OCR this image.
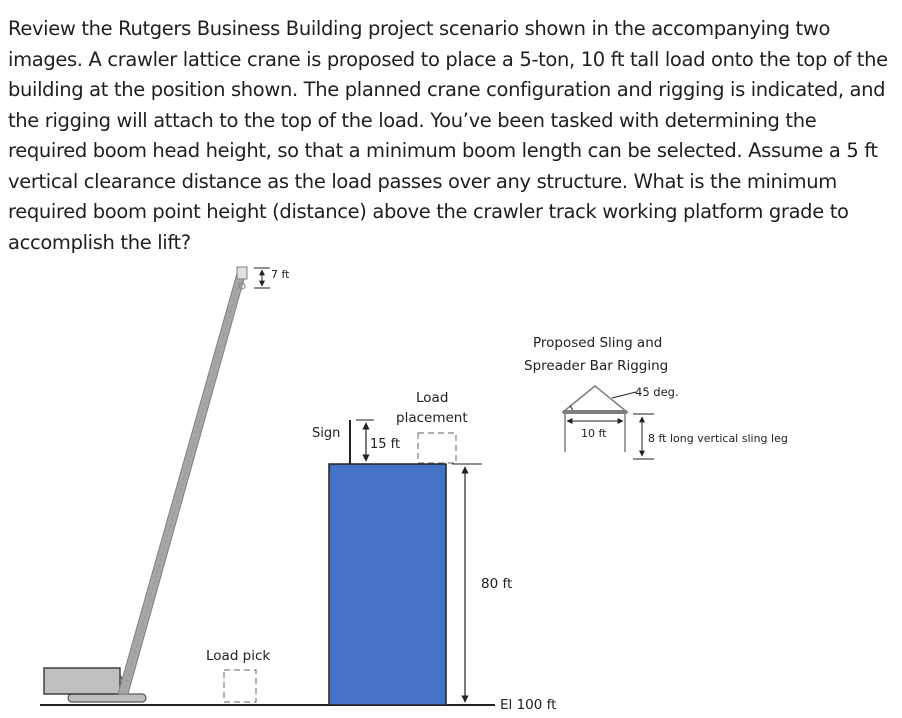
Review the Rutgers Business Building project scenario shown in the accompanying two images. A crawler lattice crane is proposed to place a 5-ton, 10 ft tall load onto the top of the building at the position shown. The planned crane configuration and rigging is indicated, and the rigging will attach to the top of the load. You’ve been tasked with determining the required boom head height, so that a minimum boom length can be selected. Assume a 5 ft vertical clearance distance as the load passes over any structure. What is the minimum required boom point height (distance) above the crawler track working platform grade to accomplish the lift?

7 ft
Sign
15 ft
Load
placement
80 ft
El 100 ft
Load pick
Proposed Sling and
Spreader Bar Rigging
45 deg.
10 ft	8 ft long vertical sling leg
